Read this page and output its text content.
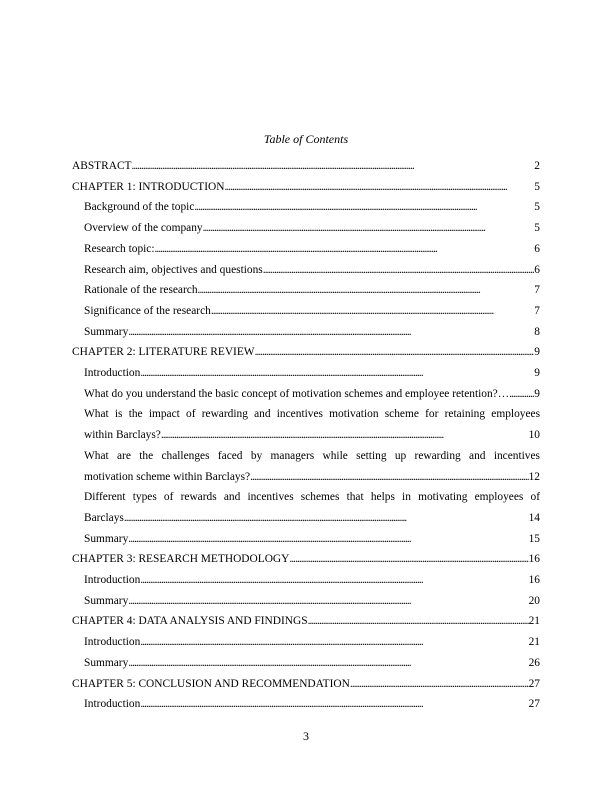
Table of Contents
ABSTRACT . . .	2
CHAPTER 1: INTRODUCTION . . .	5
Background of the topic . . .	5
Overview of the company . . .	5
Research topic: . . .	6
Research aim, objectives and questions . . .	6
Rationale of the research . . .	7
Significance of the research . . .	7
Summary . . .	8
CHAPTER 2: LITERATURE REVIEW . . .	9
Introduction . . .	9
What do you understand the basic concept of motivation schemes and employee retention?… . . . 9
What is the impact of rewarding and incentives motivation scheme for retaining employees
within Barclays? . . .	10
What are the challenges faced by managers while setting up rewarding and incentives
motivation scheme within Barclays? . . .	12
Different types of rewards and incentives schemes that helps in motivating employees of
Barclays . . .	14
Summary . . .	15
CHAPTER 3: RESEARCH METHODOLOGY . . .	16
Introduction . . .	16
Summary . . .	20
CHAPTER 4: DATA ANALYSIS AND FINDINGS . . .	21
Introduction . . .	21
Summary . . .	26
CHAPTER 5: CONCLUSION AND RECOMMENDATION . . .	27
Introduction . . .	27
3
